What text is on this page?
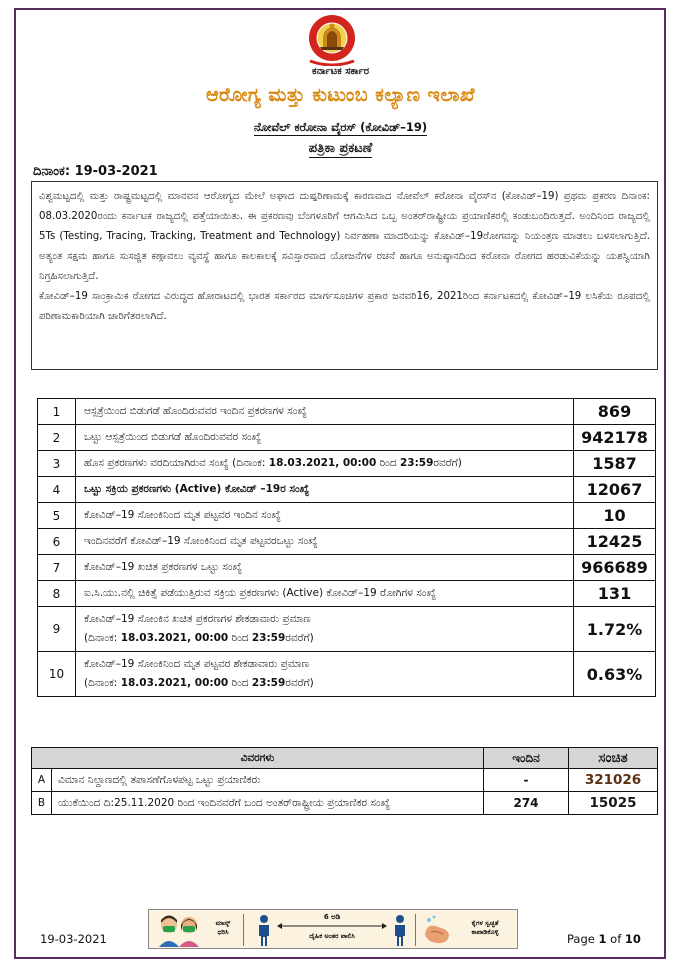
ಕರ್ನಾಟಕ ಸರ್ಕಾರ
ಆರೋಗ್ಯ ಮತ್ತು ಕುಟುಂಬ ಕಲ್ಯಾಣ ಇಲಾಖೆ
ನೋವೆಲ್ ಕರೋನಾ ವೈರಸ್ (ಕೋವಿಡ್–19)
ಪತ್ರಿಕಾ ಪ್ರಕಟಣೆ
ದಿನಾಂಕ: 19-03-2021

ವಿಶ್ವಮಟ್ಟದಲ್ಲಿ ಮತ್ತು ರಾಷ್ಟ್ರಮಟ್ಟದಲ್ಲಿ ಮಾನವನ ಆರೋಗ್ಯದ ಮೇಲೆ ಅಘಾದ ದುಷ್ಪರಿಣಾಮಕ್ಕೆ ಕಾರಣವಾದ ನೋವೆಲ್ ಕರೋನಾ ವೈರಸ್‌ನ (ಕೋವಿಡ್–19) ಪ್ರಥಮ ಪ್ರಕರಣ ದಿನಾಂಕ: 08.03.2020ರಂದು ಕರ್ನಾಟಕ ರಾಜ್ಯದಲ್ಲಿ ಪತ್ತೆಯಾಯಿತು. ಈ ಪ್ರಕರಣವು ಬೆಂಗಳೂರಿಗೆ ಆಗಮಿಸಿದ ಒಬ್ಬ ಅಂತರ್‌ರಾಷ್ಟ್ರೀಯ ಪ್ರಯಾಣಿಕರಲ್ಲಿ ಕಂಡುಬಂದಿರುತ್ತದೆ. ಅಂದಿನಿಂದ ರಾಜ್ಯದಲ್ಲಿ 5Ts (Testing, Tracing, Tracking, Treatment and Technology) ನಿರ್ವಹಣಾ ಮಾದರಿಯನ್ನು ಕೋವಿಡ್–19ರೋಗವನ್ನು ನಿಯಂತ್ರಣ ಮಾಡಲು ಬಳಸಲಾಗುತ್ತಿದೆ. ಅತ್ಯಂತ ಸಕ್ಷಮ ಹಾಗೂ ಸುಸಜ್ಜಿತ ಕಣ್ಗಾವಲು ವ್ಯವಸ್ಥೆ ಹಾಗೂ ಕಾಲಕಾಲಕ್ಕೆ ಸವಿಸ್ತಾರವಾದ ಯೋಜನೆಗಳ ರಚನೆ ಹಾಗೂ ಅನುಷ್ಠಾನದಿಂದ ಕರೋನಾ ರೋಗದ ಹರಡುವಿಕೆಯನ್ನು ಯಶಸ್ವಿಯಾಗಿ ನಿಗ್ರಹಿಸಲಾಗುತ್ತಿದೆ.

ಕೋವಿಡ್–19 ಸಾಂಕ್ರಾಮಿಕ ರೋಗದ ವಿರುದ್ಧದ ಹೋರಾಟದಲ್ಲಿ ಭಾರತ ಸರ್ಕಾರದ ಮಾರ್ಗಸೂಚಿಗಳ ಪ್ರಕಾರ ಜನವರಿ16, 2021ರಿಂದ ಕರ್ನಾಟಕದಲ್ಲಿ ಕೋವಿಡ್–19 ಲಸಿಕೆಯ ರೂಪದಲ್ಲಿ ಪರಿಣಾಮಕಾರಿಯಾಗಿ ಜಾರಿಗೆತರಲಾಗಿದೆ.

1	ಆಸ್ಪತ್ರೆಯಿಂದ ಬಿಡುಗಡೆ ಹೊಂದಿರುವವರ ಇಂದಿನ ಪ್ರಕರಣಗಳ ಸಂಖ್ಯೆ	869
2	ಒಟ್ಟು ಆಸ್ಪತ್ರೆಯಿಂದ ಬಿಡುಗಡೆ ಹೊಂದಿರುವವರ ಸಂಖ್ಯೆ	942178
3	ಹೊಸ ಪ್ರಕರಣಗಳು ವರದಿಯಾಗಿರುವ ಸಂಖ್ಯೆ (ದಿನಾಂಕ: 18.03.2021, 00:00 ರಿಂದ 23:59ರವರೆಗೆ)	1587
4	ಒಟ್ಟು ಸಕ್ರಿಯ ಪ್ರಕರಣಗಳು (Active) ಕೋವಿಡ್ –19ರ ಸಂಖ್ಯೆ	12067
5	ಕೋವಿಡ್–19 ಸೋಂಕಿನಿಂದ ಮೃತ ಪಟ್ಟವರ ಇಂದಿನ ಸಂಖ್ಯೆ	10
6	ಇಂದಿನವರೆಗೆ ಕೋವಿಡ್–19 ಸೋಂಕಿನಿಂದ ಮೃತ ಪಟ್ಟವರಒಟ್ಟು ಸಂಖ್ಯೆ	12425
7	ಕೋವಿಡ್–19 ಖಚಿತ ಪ್ರಕರಣಗಳ ಒಟ್ಟು ಸಂಖ್ಯೆ	966689
8	ಐ.ಸಿ.ಯು.ನಲ್ಲಿ ಚಿಕಿತ್ಸೆ ಪಡೆಯುತ್ತಿರುವ ಸಕ್ರಿಯ ಪ್ರಕರಣಗಳು (Active) ಕೋವಿಡ್–19 ರೋಗಿಗಳ ಸಂಖ್ಯೆ	131
9	ಕೋವಿಡ್–19 ಸೋಂಕಿನ ಖಚಿತ ಪ್ರಕರಣಗಳ ಶೇಕಡಾವಾರು ಪ್ರಮಾಣ
(ದಿನಾಂಕ: 18.03.2021, 00:00 ರಿಂದ 23:59ರವರೆಗೆ)	1.72%
10	ಕೋವಿಡ್–19 ಸೋಂಕಿನಿಂದ ಮೃತ ಪಟ್ಟವರ ಶೇಕಡಾವಾರು ಪ್ರಮಾಣ
(ದಿನಾಂಕ: 18.03.2021, 00:00 ರಿಂದ 23:59ರವರೆಗೆ)	0.63%
ವಿವರಗಳು		ಇಂದಿನ	ಸಂಚಿತ
A	ವಿಮಾನ ನಿಲ್ದಾಣದಲ್ಲಿ ತಪಾಸಣೆಗೊಳಪಟ್ಟ ಒಟ್ಟು ಪ್ರಯಾಣಿಕರು	-	321026
B	ಯುಕೆಯಿಂದ ದಿ:25.11.2020 ರಿಂದ ಇಂದಿನವರೆಗೆ ಬಂದ ಅಂತರ್‌ರಾಷ್ಟ್ರೀಯ ಪ್ರಯಾಣಿಕರ ಸಂಖ್ಯೆ	274	15025
ಮಾಸ್ಕ್
ಧರಿಸಿ
6 ಅಡಿ
ದೈಹಿಕ ಅಂತರ ಪಾಲಿಸಿ
ಕೈಗಳ ಸ್ವಚ್ಛತೆ
ಕಾಪಾಡಿಕೊಳ್ಳಿ
19-03-2021	Page 1 of 10
